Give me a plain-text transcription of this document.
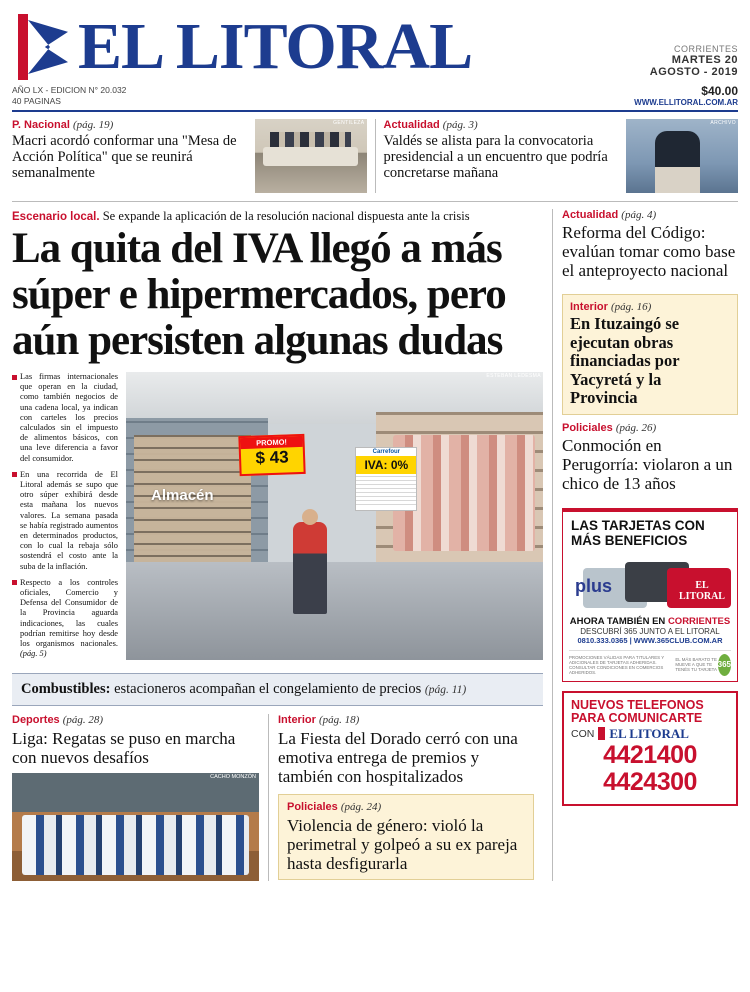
EL LITORAL	CORRIENTES
MARTES 20
AGOSTO - 2019
AÑO LX - EDICION N° 20.032
40 PAGINAS
$40.00
WWW.ELLITORAL.COM.AR
P. Nacional (pág. 19)
Macri acordó conformar una "Mesa de Acción Política" que se reunirá semanalmente
GENTILEZA Actualidad (pág. 3)
Valdés se alista para la convocatoria presidencial a un encuentro que podría concretarse mañana
ARCHIVO
Escenario local. Se expande la aplicación de la resolución nacional dispuesta ante la crisis
La quita del IVA llegó a más súper e hipermercados, pero aún persisten algunas dudas

Las firmas internacionales que operan en la ciudad, como también negocios de una cadena local, ya indican con carteles los precios calculados sin el impuesto de alimentos básicos, con una leve diferencia a favor del consumidor.

En una recorrida de El Litoral además se supo que otro súper exhibirá desde esta mañana los nuevos valores. La semana pasada se había registrado aumentos en determinados productos, con lo cual la rebaja sólo sostendrá el costo ante la suba de la inflación.

Respecto a los controles oficiales, Comercio y Defensa del Consumidor de la Provincia aguarda indicaciones, las cuales podrían remitirse hoy desde los organismos nacionales. (pág. 5)

Almacén
PROMO!
$ 43	Carrefour
IVA: 0%
ESTEBAN LEDESMA
Combustibles: estacioneros acompañan el congelamiento de precios (pág. 11)
Deportes (pág. 28)
Liga: Regatas se puso en marcha con nuevos desafíos
CACHO MONZÓN
Interior (pág. 18)
La Fiesta del Dorado cerró con una emotiva entrega de premios y también con hospitalizados
Policiales (pág. 24)
Violencia de género: violó la perimetral y golpeó a su ex pareja hasta desfigurarla
Actualidad (pág. 4)
Reforma del Código: evalúan tomar como base el anteproyecto nacional
Interior (pág. 16)
En Ituzaingó se ejecutan obras financiadas por Yacyretá y la Provincia
Policiales (pág. 26)
Conmoción en Perugorría: violaron a un chico de 13 años
LAS TARJETAS CON MÁS BENEFICIOS
plus	EL LITORAL
AHORA TAMBIÉN EN CORRIENTES
DESCUBRÍ 365 JUNTO A EL LITORAL
0810.333.0365 | WWW.365CLUB.COM.AR
PROMOCIONES VÁLIDAS PARA TITULARES Y ADICIONALES DE TARJETAS ADHERIDAS. CONSULTAR CONDICIONES EN COMERCIOS ADHERIDOS.
EL MÁS BARATO TE MUEVE A QUE TE TENÉS TU TARJETA
365
NUEVOS TELEFONOS
PARA COMUNICARTE
CON EL LITORAL
4421400
4424300
